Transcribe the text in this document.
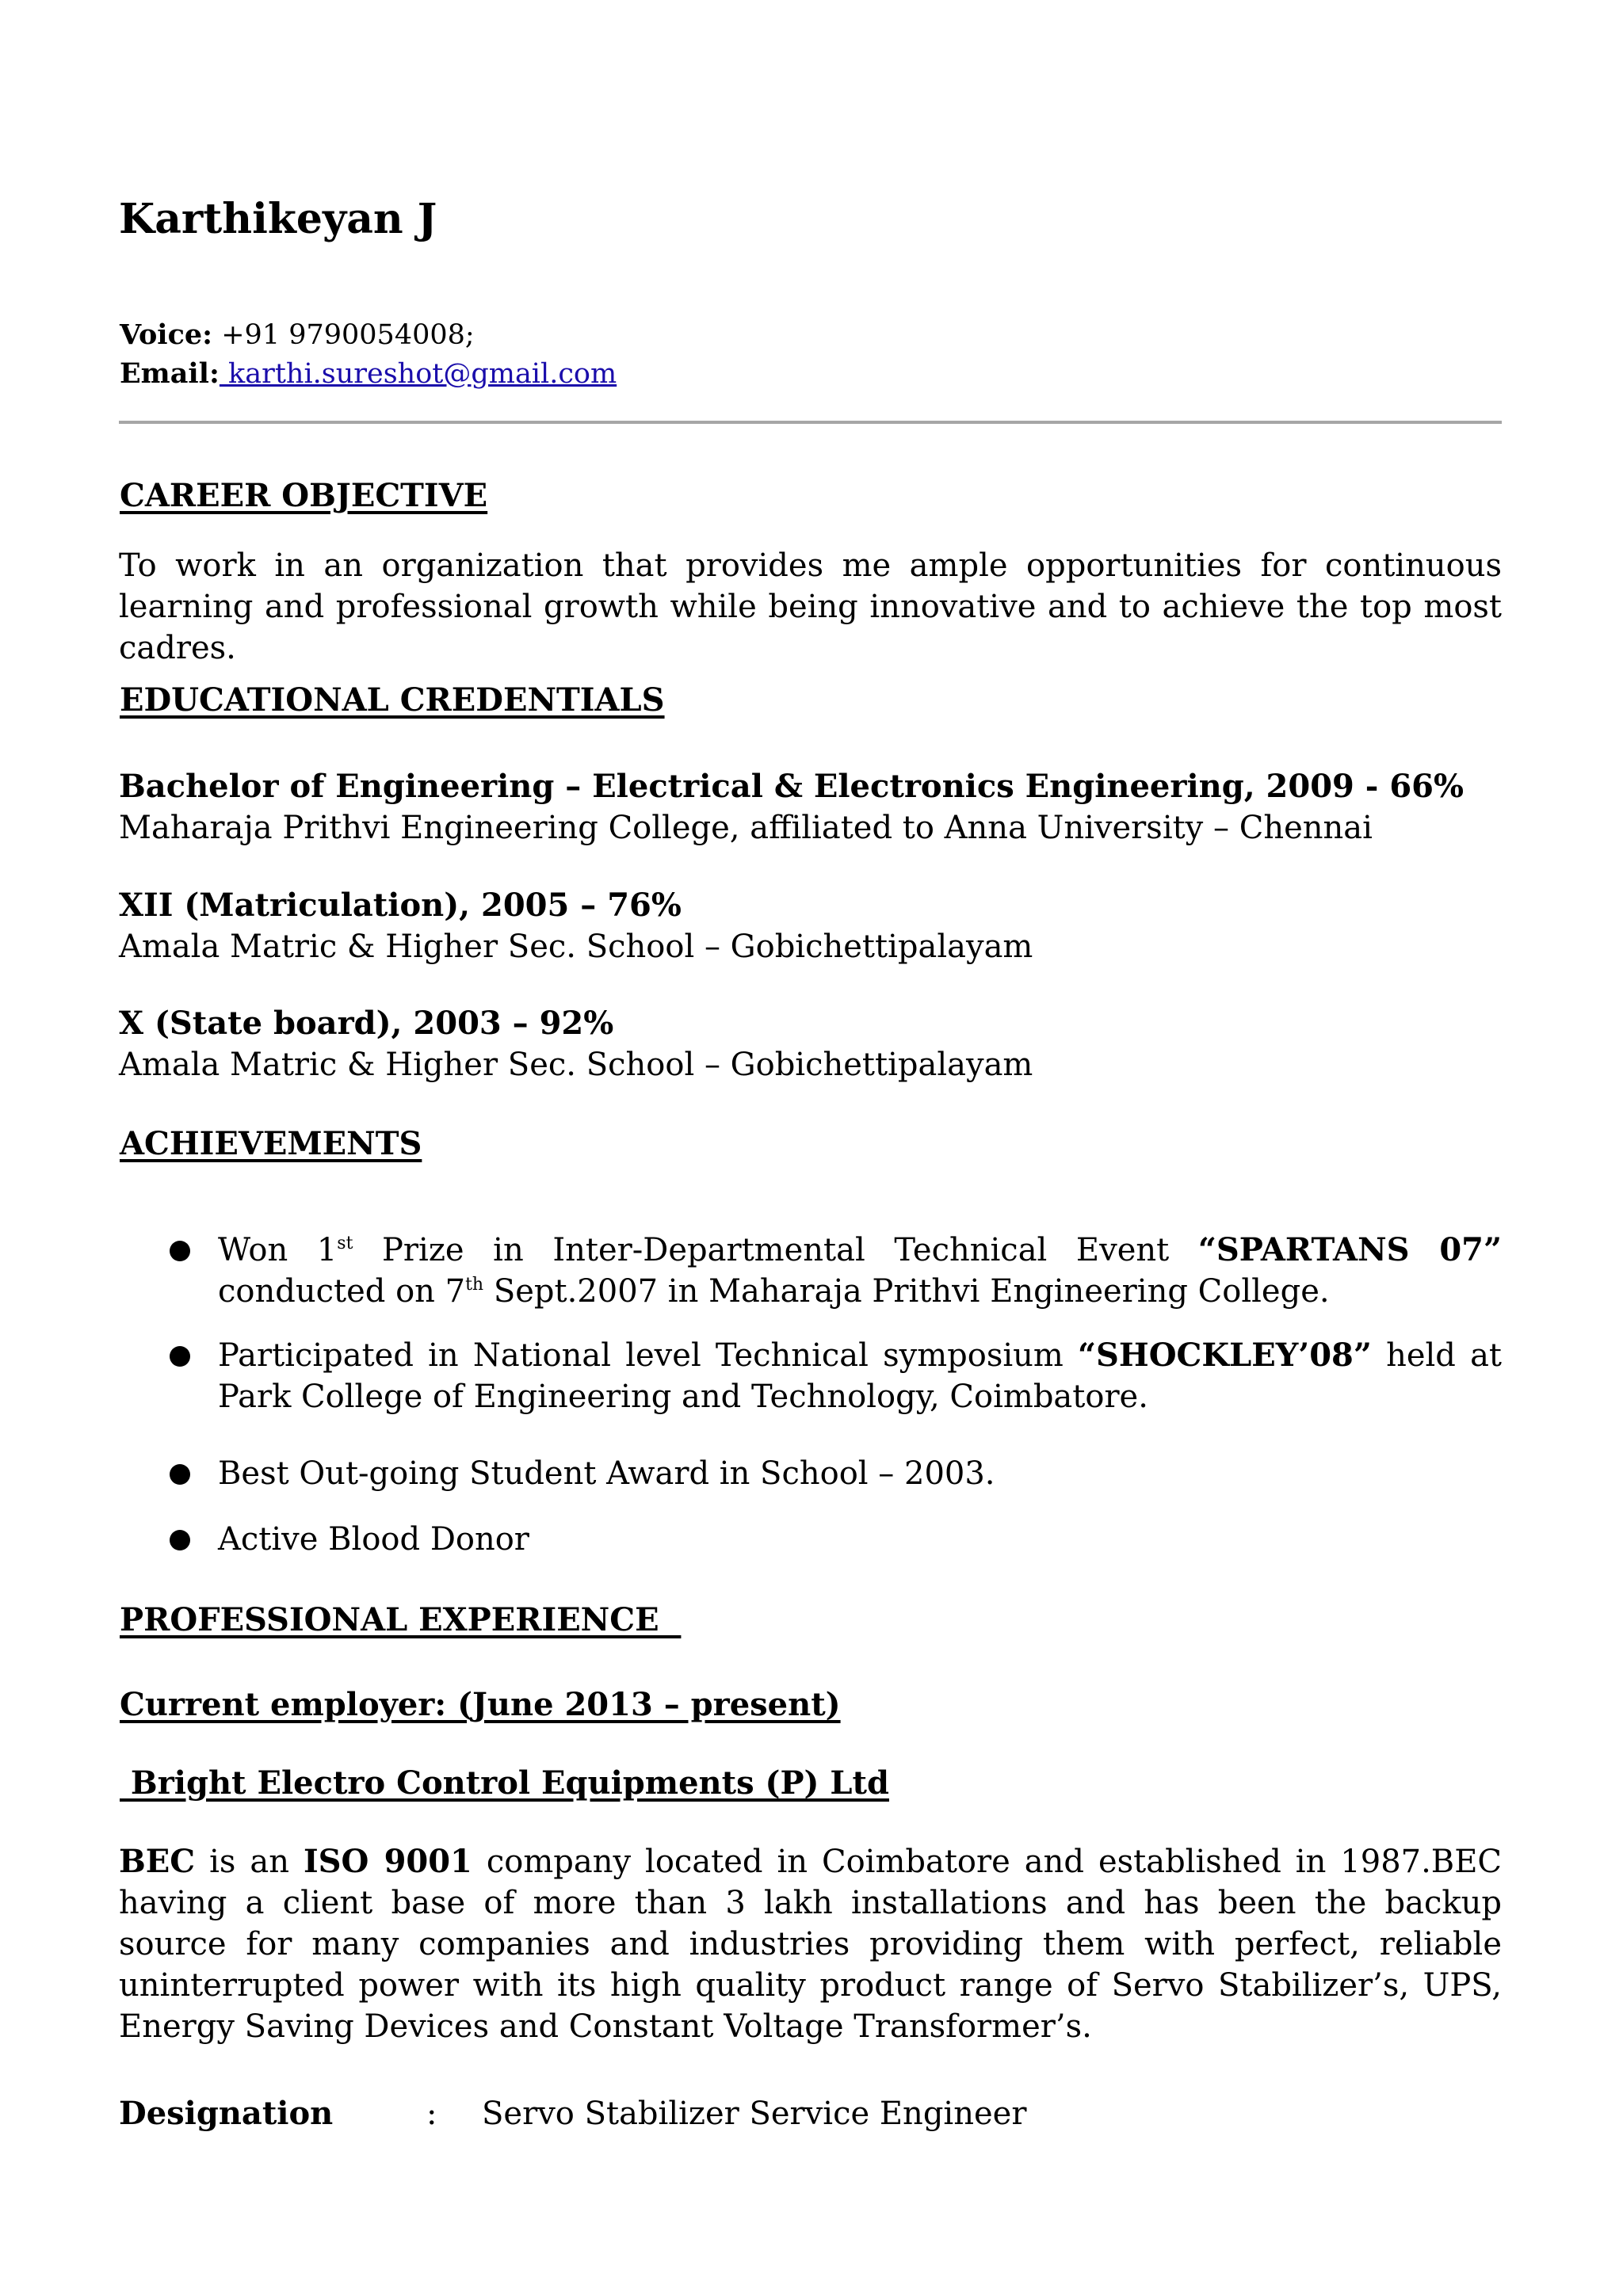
Karthikeyan J
Voice: +91 9790054008;
Email: karthi.sureshot@gmail.com
CAREER OBJECTIVE

To work in an organization that provides me ample opportunities for continuous learning and professional growth while being innovative and to achieve the top most cadres.

EDUCATIONAL CREDENTIALS
Bachelor of Engineering – Electrical & Electronics Engineering, 2009 - 66%
Maharaja Prithvi Engineering College, affiliated to Anna University – Chennai
XII (Matriculation), 2005 – 76%
Amala Matric & Higher Sec. School – Gobichettipalayam
X (State board), 2003 – 92%
Amala Matric & Higher Sec. School – Gobichettipalayam
ACHIEVEMENTS
Won 1st Prize in Inter-Departmental Technical Event “SPARTANS 07” conducted on 7th Sept.2007 in Maharaja Prithvi Engineering College.
Participated in National level Technical symposium “SHOCKLEY’08” held at Park College of Engineering and Technology, Coimbatore.
Best Out-going Student Award in School – 2003.
Active Blood Donor
PROFESSIONAL EXPERIENCE
Current employer: (June 2013 – present)
Bright Electro Control Equipments (P) Ltd

BEC is an ISO 9001 company located in Coimbatore and established in 1987.BEC having a client base of more than 3 lakh installations and has been the backup source for many companies and industries providing them with perfect, reliable uninterrupted power with its high quality product range of Servo Stabilizer’s, UPS, Energy Saving Devices and Constant Voltage Transformer’s.

Designation	: Servo Stabilizer Service Engineer
